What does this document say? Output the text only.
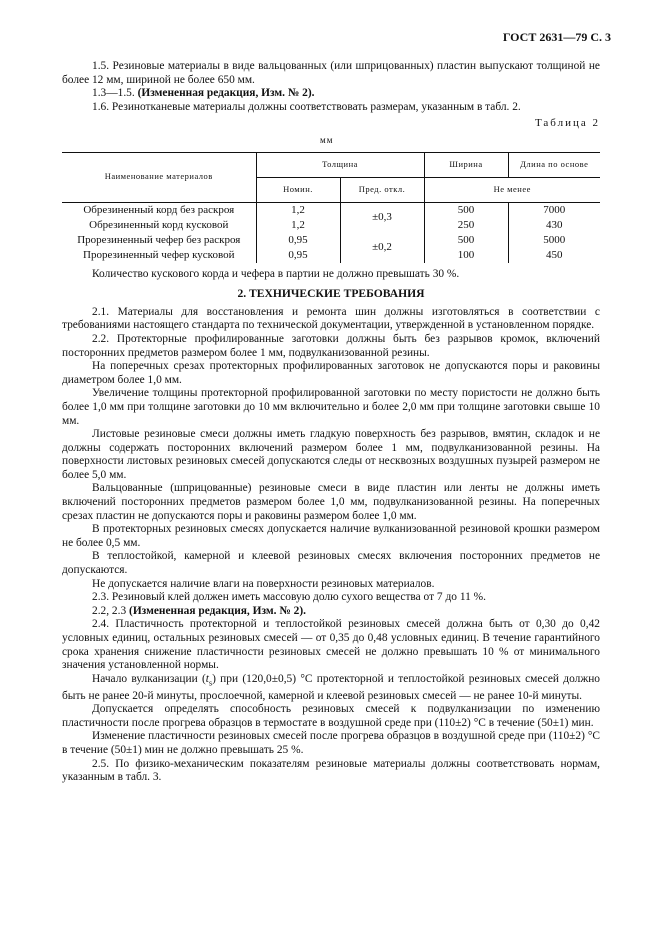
ГОСТ 2631—79 С. 3

1.5. Резиновые материалы в виде вальцованных (или шприцованных) пластин выпускают толщиной не более 12 мм, шириной не более 650 мм.

1.3—1.5. (Измененная редакция, Изм. № 2).

1.6. Резинотканевые материалы должны соответствовать размерам, указанным в табл. 2.

Таблица 2
мм
Наименование материалов	Толщина		Ширина	Длина по основе
	Номин.	Пред. откл.	Не менее	
Обрезиненный корд без раскроя	1,2	±0,3	500	7000
Обрезиненный корд кусковой	1,2		250	430
Прорезиненный чефер без раскроя	0,95	±0,2	500	5000
Прорезиненный чефер кусковой	0,95		100	450

Количество кускового корда и чефера в партии не должно превышать 30 %.

2. ТЕХНИЧЕСКИЕ ТРЕБОВАНИЯ

2.1. Материалы для восстановления и ремонта шин должны изготовляться в соответствии с требованиями настоящего стандарта по технической документации, утвержденной в установленном порядке.

2.2. Протекторные профилированные заготовки должны быть без разрывов кромок, включений посторонних предметов размером более 1 мм, подвулканизованной резины.

На поперечных срезах протекторных профилированных заготовок не допускаются поры и раковины диаметром более 1,0 мм.

Увеличение толщины протекторной профилированной заготовки по месту пористости не должно быть более 1,0 мм при толщине заготовки до 10 мм включительно и более 2,0 мм при толщине заготовки свыше 10 мм.

Листовые резиновые смеси должны иметь гладкую поверхность без разрывов, вмятин, складок и не должны содержать посторонних включений размером более 1 мм, подвулканизованной резины. На поверхности листовых резиновых смесей допускаются следы от несквозных воздушных пузырей размером не более 5,0 мм.

Вальцованные (шприцованные) резиновые смеси в виде пластин или ленты не должны иметь включений посторонних предметов размером более 1,0 мм, подвулканизованной резины. На поперечных срезах пластин не допускаются поры и раковины размером более 1,0 мм.

В протекторных резиновых смесях допускается наличие вулканизованной резиновой крошки размером не более 0,5 мм.

В теплостойкой, камерной и клеевой резиновых смесях включения посторонних предметов не допускаются.

Не допускается наличие влаги на поверхности резиновых материалов.

2.3. Резиновый клей должен иметь массовую долю сухого вещества от 7 до 11 %.

2.2, 2.3 (Измененная редакция, Изм. № 2).

2.4. Пластичность протекторной и теплостойкой резиновых смесей должна быть от 0,30 до 0,42 условных единиц, остальных резиновых смесей — от 0,35 до 0,48 условных единиц. В течение гарантийного срока хранения снижение пластичности резиновых смесей не должно превышать 10 % от минимального значения установленной нормы.

Начало вулканизации $(t_s)$ при (120,0±0,5) °С протекторной и теплостойкой резиновых смесей должно быть не ранее 20-й минуты, прослоечной, камерной и клеевой резиновых смесей — не ранее 10-й минуты.

Допускается определять способность резиновых смесей к подвулканизации по изменению пластичности после прогрева образцов в термостате в воздушной среде при (110±2) °С в течение (50±1) мин.

Изменение пластичности резиновых смесей после прогрева образцов в воздушной среде при (110±2) °С в течение (50±1) мин не должно превышать 25 %.

2.5. По физико-механическим показателям резиновые материалы должны соответствовать нормам, указанным в табл. 3.
